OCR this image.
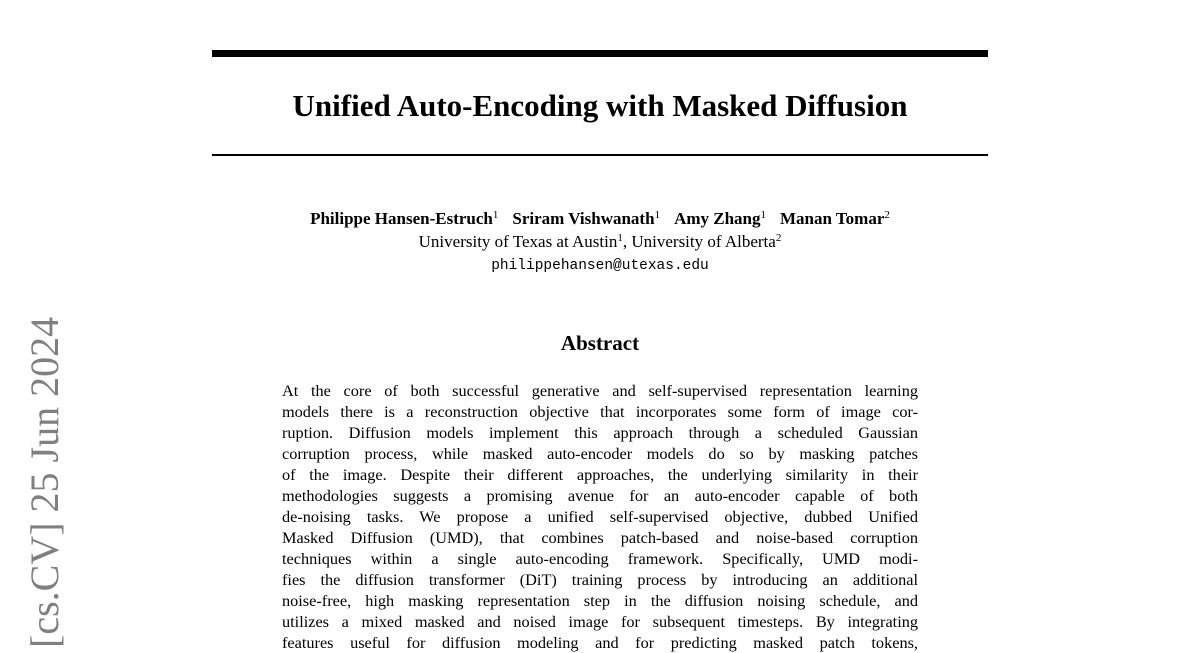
Unified Auto-Encoding with Masked Diffusion
Philippe Hansen-Estruch$^1$ Sriram Vishwanath$^1$ Amy Zhang$^1$ Manan Tomar$^2$
University of Texas at Austin$^1$, University of Alberta$^2$
philippehansen@utexas.edu
Abstract
At the core of both successful generative and self-supervised representation learning
models there is a reconstruction objective that incorporates some form of image cor-
ruption. Diffusion models implement this approach through a scheduled Gaussian
corruption process, while masked auto-encoder models do so by masking patches
of the image. Despite their different approaches, the underlying similarity in their
methodologies suggests a promising avenue for an auto-encoder capable of both
de-noising tasks. We propose a unified self-supervised objective, dubbed Unified
Masked Diffusion (UMD), that combines patch-based and noise-based corruption
techniques within a single auto-encoding framework. Specifically, UMD modi-
fies the diffusion transformer (DiT) training process by introducing an additional
noise-free, high masking representation step in the diffusion noising schedule, and
utilizes a mixed masked and noised image for subsequent timesteps. By integrating
features useful for diffusion modeling and for predicting masked patch tokens,
[cs.CV] 25 Jun 2024
